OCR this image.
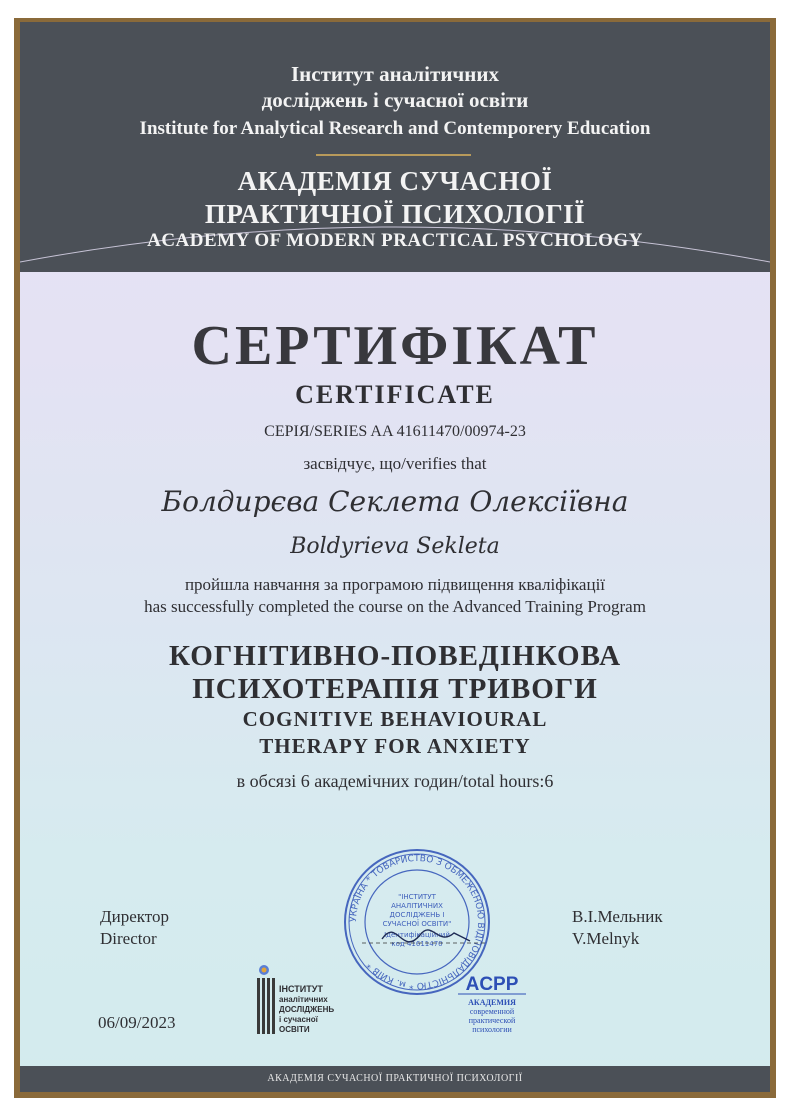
Інститут аналітичних
досліджень і сучасної освіти
Institute for Analytical Research and Contemporery Education
АКАДЕМІЯ СУЧАСНОЇ
ПРАКТИЧНОЇ ПСИХОЛОГІЇ
ACADEMY OF MODERN PRACTICAL PSYCHOLOGY
СЕРТИФІКАТ
CERTIFICATE
СЕРІЯ/SERIES AA 41611470/00974-23
засвідчує, що/verifies that
Болдирєва Секлета Олексіївна
Boldyrieva Sekleta
пройшла навчання за програмою підвищення кваліфікації
has successfully completed the course on the Advanced Training Program
КОГНІТИВНО-ПОВЕДІНКОВА
ПСИХОТЕРАПІЯ ТРИВОГИ
COGNITIVE BEHAVIOURAL
THERAPY FOR ANXIETY
в обсязі 6 академічних годин/total hours:6
Директор
Director
В.І.Мельник
V.Melnyk
06/09/2023
УКРАЇНА * ТОВАРИСТВО З ОБМЕЖЕНОЮ ВІДПОВІДАЛЬНІСТЮ * м. КИЇВ *
"ІНСТИТУТ
АНАЛІТИЧНИХ
ДОСЛІДЖЕНЬ І
СУЧАСНОЇ ОСВІТИ"
Ідентифікаційний
код 41611470
ІНСТИТУТ
аналітичних
ДОСЛІДЖЕНЬ
і сучасної
ОСВІТИ
ACPP
АКАДЕМИЯ
современной
практической
психологии
АКАДЕМІЯ СУЧАСНОЇ ПРАКТИЧНОЇ ПСИХОЛОГІЇ
